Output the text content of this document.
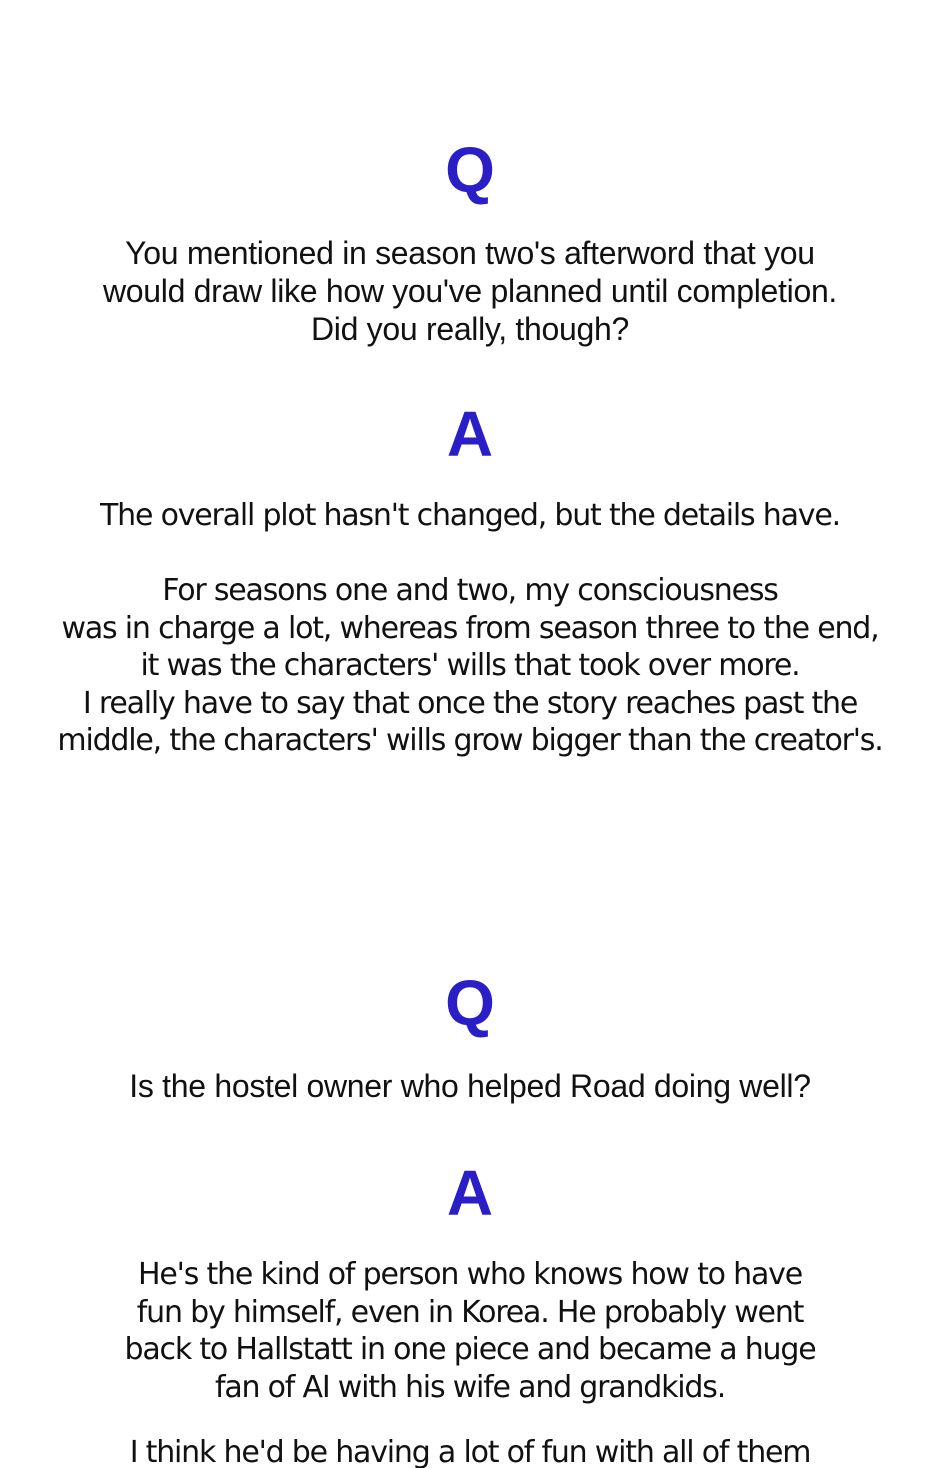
Q

You mentioned in season two's afterword that you

would draw like how you've planned until completion.

Did you really, though?

A

The overall plot hasn't changed, but the details have.

For seasons one and two, my consciousness

was in charge a lot, whereas from season three to the end,

it was the characters' wills that took over more.

I really have to say that once the story reaches past the

middle, the characters' wills grow bigger than the creator's.

Q

Is the hostel owner who helped Road doing well?

A

He's the kind of person who knows how to have

fun by himself, even in Korea. He probably went

back to Hallstatt in one piece and became a huge

fan of AI with his wife and grandkids.

I think he'd be having a lot of fun with all of them
